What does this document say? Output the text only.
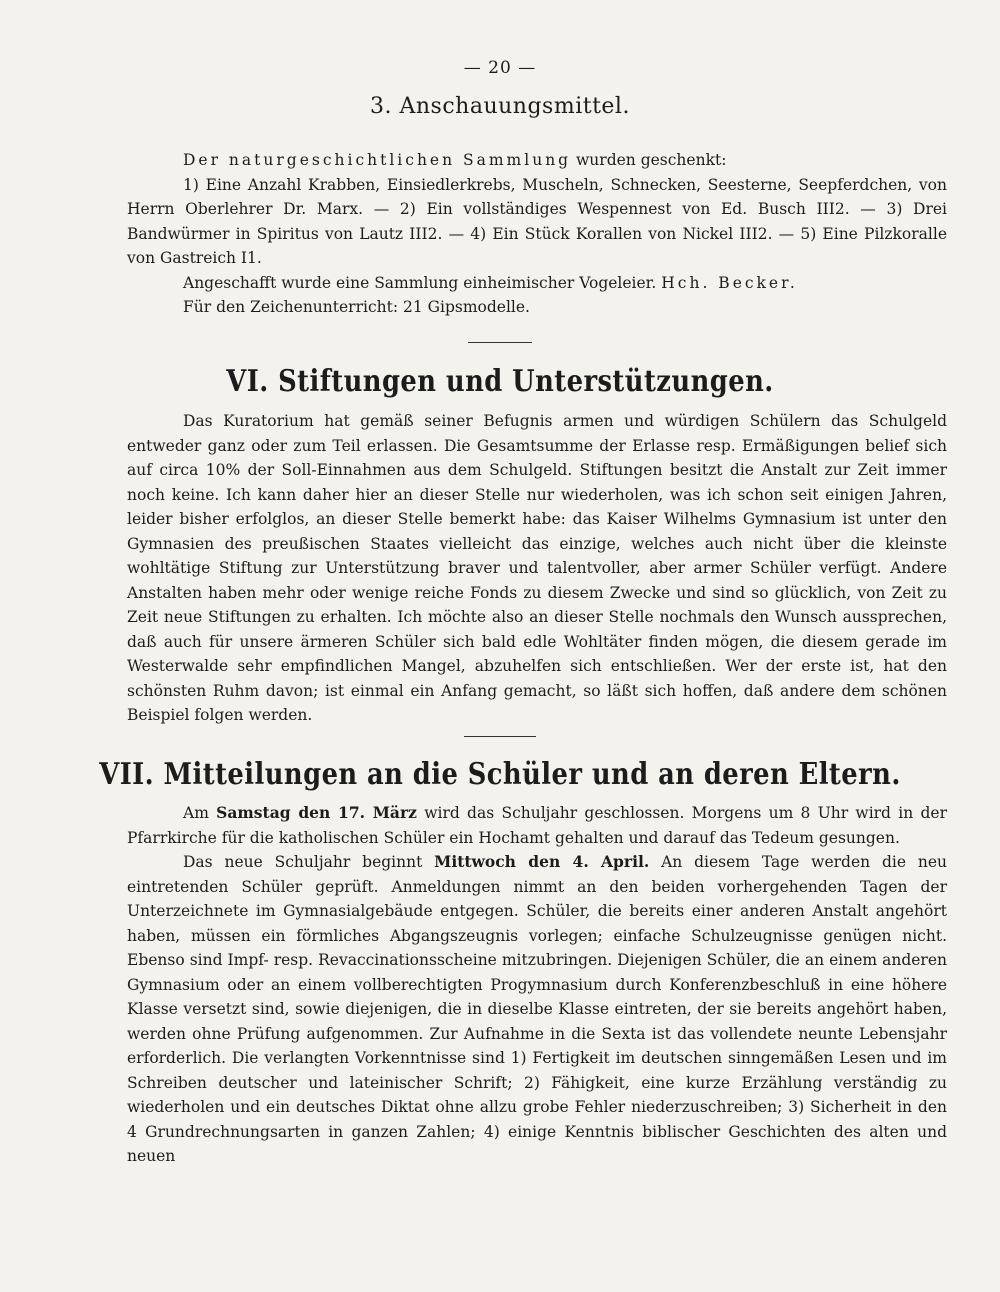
— 20 —
3. Anschauungsmittel.

Der naturgeschichtlichen Sammlung wurden geschenkt:

1) Eine Anzahl Krabben, Einsiedlerkrebs, Muscheln, Schnecken, Seesterne, Seepferdchen, von Herrn Oberlehrer Dr. Marx. — 2) Ein vollständiges Wespennest von Ed. Busch III2. — 3) Drei Bandwürmer in Spiritus von Lautz III2. — 4) Ein Stück Korallen von Nickel III2. — 5) Eine Pilzkoralle von Gastreich I1.

Angeschafft wurde eine Sammlung einheimischer Vogeleier. Hch. Becker.

Für den Zeichenunterricht: 21 Gipsmodelle.

VI. Stiftungen und Unterstützungen.

Das Kuratorium hat gemäß seiner Befugnis armen und würdigen Schülern das Schulgeld entweder ganz oder zum Teil erlassen. Die Gesamtsumme der Erlasse resp. Ermäßigungen belief sich auf circa 10% der Soll-Einnahmen aus dem Schulgeld. Stiftungen besitzt die Anstalt zur Zeit immer noch keine. Ich kann daher hier an dieser Stelle nur wiederholen, was ich schon seit einigen Jahren, leider bisher erfolglos, an dieser Stelle bemerkt habe: das Kaiser Wilhelms Gymnasium ist unter den Gymnasien des preußischen Staates vielleicht das einzige, welches auch nicht über die kleinste wohltätige Stiftung zur Unterstützung braver und talentvoller, aber armer Schüler verfügt. Andere Anstalten haben mehr oder wenige reiche Fonds zu diesem Zwecke und sind so glücklich, von Zeit zu Zeit neue Stiftungen zu erhalten. Ich möchte also an dieser Stelle nochmals den Wunsch aussprechen, daß auch für unsere ärmeren Schüler sich bald edle Wohltäter finden mögen, die diesem gerade im Westerwalde sehr empfindlichen Mangel, abzuhelfen sich entschließen. Wer der erste ist, hat den schönsten Ruhm davon; ist einmal ein Anfang gemacht, so läßt sich hoffen, daß andere dem schönen Beispiel folgen werden.

VII. Mitteilungen an die Schüler und an deren Eltern.

Am Samstag den 17. März wird das Schuljahr geschlossen. Morgens um 8 Uhr wird in der Pfarrkirche für die katholischen Schüler ein Hochamt gehalten und darauf das Tedeum gesungen.

Das neue Schuljahr beginnt Mittwoch den 4. April. An diesem Tage werden die neu eintretenden Schüler geprüft. Anmeldungen nimmt an den beiden vorhergehenden Tagen der Unterzeichnete im Gymnasialgebäude entgegen. Schüler, die bereits einer anderen Anstalt angehört haben, müssen ein förmliches Abgangszeugnis vorlegen; einfache Schulzeugnisse genügen nicht. Ebenso sind Impf- resp. Revaccinationsscheine mitzubringen. Diejenigen Schüler, die an einem anderen Gymnasium oder an einem vollberechtigten Progymnasium durch Konferenzbeschluß in eine höhere Klasse versetzt sind, sowie diejenigen, die in dieselbe Klasse eintreten, der sie bereits angehört haben, werden ohne Prüfung aufgenommen. Zur Aufnahme in die Sexta ist das vollendete neunte Lebensjahr erforderlich. Die verlangten Vorkenntnisse sind 1) Fertigkeit im deutschen sinngemäßen Lesen und im Schreiben deutscher und lateinischer Schrift; 2) Fähigkeit, eine kurze Erzählung verständig zu wiederholen und ein deutsches Diktat ohne allzu grobe Fehler niederzuschreiben; 3) Sicherheit in den 4 Grundrechnungsarten in ganzen Zahlen; 4) einige Kenntnis biblischer Geschichten des alten und neuen
